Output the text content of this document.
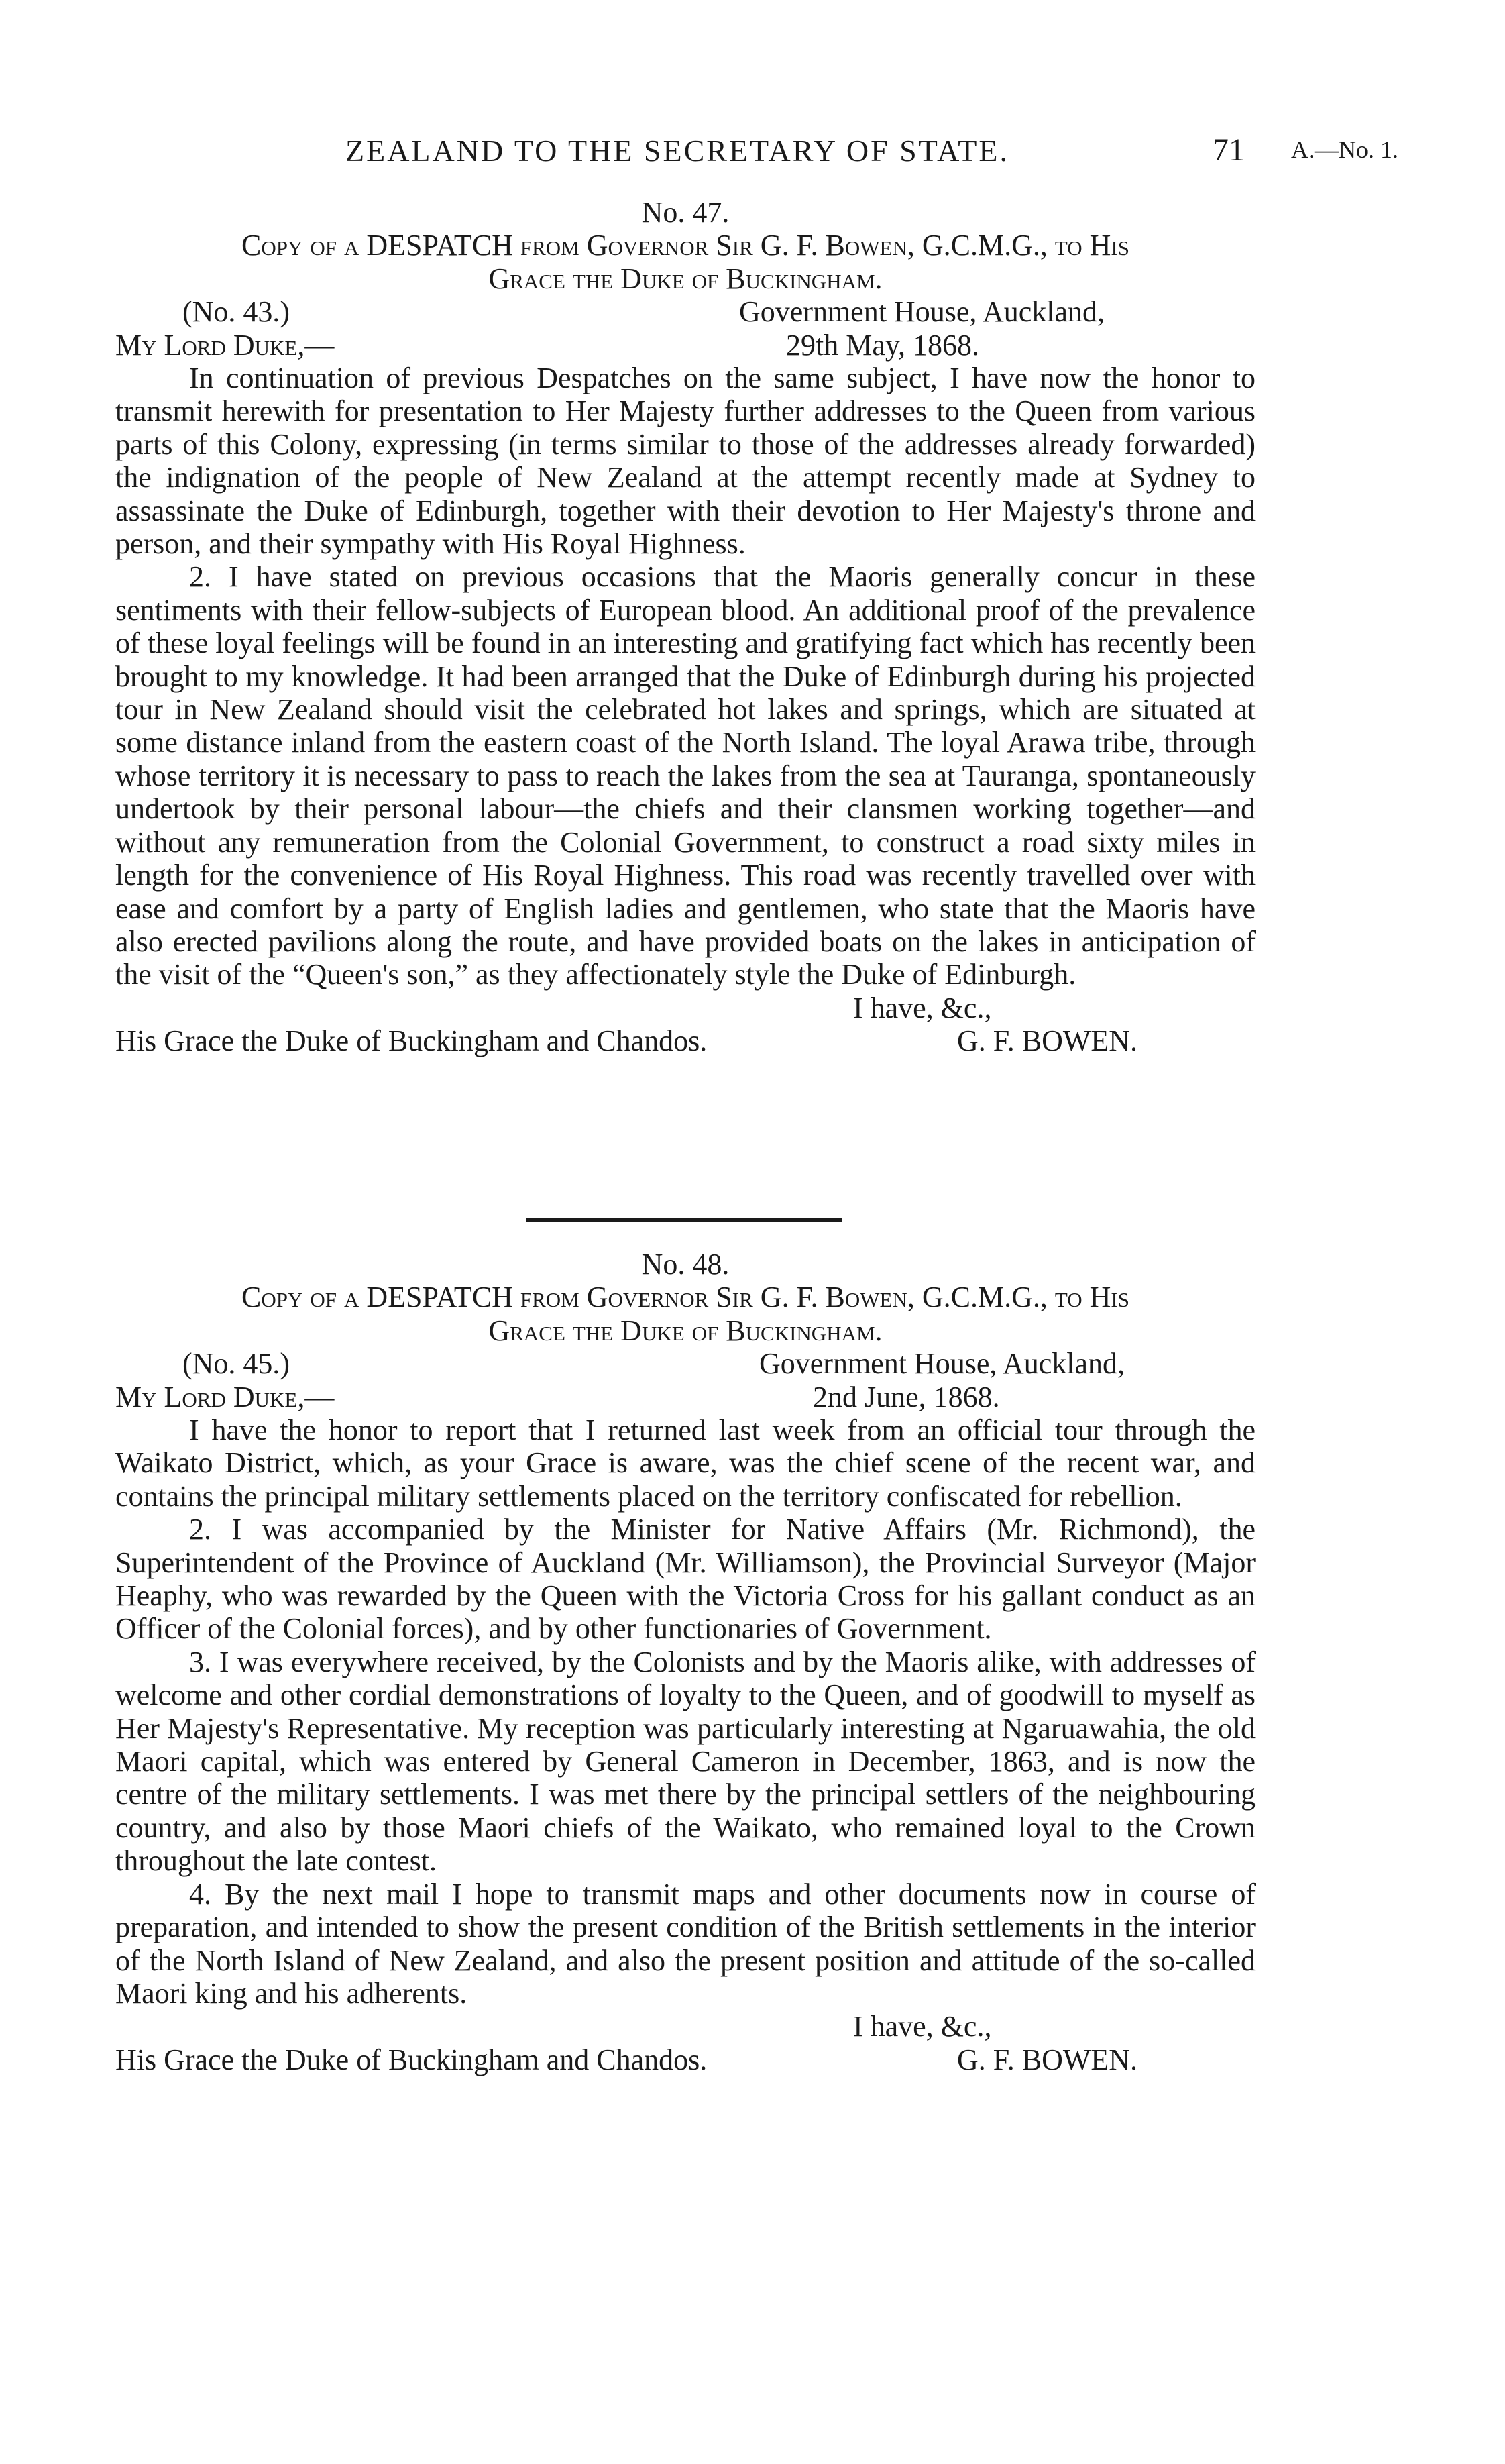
ZEALAND TO THE SECRETARY OF STATE.	71 A.—No. 1.

No. 47.

Copy of a DESPATCH from Governor Sir G. F. Bowen, G.C.M.G., to His

Grace the Duke of Buckingham.

(No. 43.)	Government House, Auckland,
My Lord Duke,—	29th May, 1868.

In continuation of previous Despatches on the same subject, I have now the honor to transmit herewith for presentation to Her Majesty further addresses to the Queen from various parts of this Colony, expressing (in terms similar to those of the addresses already forwarded) the indignation of the people of New Zealand at the attempt recently made at Sydney to assassinate the Duke of Edinburgh, together with their devotion to Her Majesty's throne and person, and their sympathy with His Royal Highness.

2. I have stated on previous occasions that the Maoris generally concur in these sentiments with their fellow-subjects of European blood. An additional proof of the prevalence of these loyal feelings will be found in an interesting and gratifying fact which has recently been brought to my knowledge. It had been arranged that the Duke of Edinburgh during his projected tour in New Zealand should visit the celebrated hot lakes and springs, which are situated at some distance inland from the eastern coast of the North Island. The loyal Arawa tribe, through whose territory it is necessary to pass to reach the lakes from the sea at Tauranga, spontaneously undertook by their personal labour—the chiefs and their clansmen working together—and without any remuneration from the Colonial Government, to construct a road sixty miles in length for the convenience of His Royal Highness. This road was recently travelled over with ease and comfort by a party of English ladies and gentlemen, who state that the Maoris have also erected pavilions along the route, and have provided boats on the lakes in anticipation of the visit of the “Queen's son,” as they affectionately style the Duke of Edinburgh.

I have, &c.,
His Grace the Duke of Buckingham and Chandos.	G. F. BOWEN.

No. 48.

Copy of a DESPATCH from Governor Sir G. F. Bowen, G.C.M.G., to His

Grace the Duke of Buckingham.

(No. 45.)	Government House, Auckland,
My Lord Duke,—	2nd June, 1868.

I have the honor to report that I returned last week from an official tour through the Waikato District, which, as your Grace is aware, was the chief scene of the recent war, and contains the principal military settlements placed on the territory confiscated for rebellion.

2. I was accompanied by the Minister for Native Affairs (Mr. Richmond), the Superintendent of the Province of Auckland (Mr. Williamson), the Provincial Surveyor (Major Heaphy, who was rewarded by the Queen with the Victoria Cross for his gallant conduct as an Officer of the Colonial forces), and by other functionaries of Government.

3. I was everywhere received, by the Colonists and by the Maoris alike, with addresses of welcome and other cordial demonstrations of loyalty to the Queen, and of goodwill to myself as Her Majesty's Representative. My reception was particularly interesting at Ngaruawahia, the old Maori capital, which was entered by General Cameron in December, 1863, and is now the centre of the military settlements. I was met there by the principal settlers of the neighbouring country, and also by those Maori chiefs of the Waikato, who remained loyal to the Crown throughout the late contest.

4. By the next mail I hope to transmit maps and other documents now in course of preparation, and intended to show the present condition of the British settlements in the interior of the North Island of New Zealand, and also the present position and attitude of the so-called Maori king and his adherents.

I have, &c.,
His Grace the Duke of Buckingham and Chandos.	G. F. BOWEN.
